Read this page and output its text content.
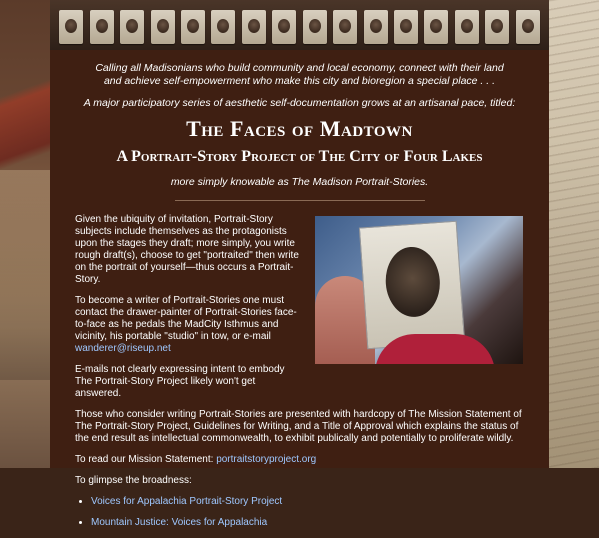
Calling all Madisonians who build community and local economy, connect with their land and achieve self-empowerment who make this city and bioregion a special place . . .
A major participatory series of aesthetic self-documentation grows at an artisanal pace, titled:
The Faces of Madtown
A Portrait-Story Project of The City of Four Lakes
more simply knowable as The Madison Portrait-Stories.

Given the ubiquity of invitation, Portrait-Story subjects include themselves as the protagonists upon the stages they draft; more simply, you write rough draft(s), choose to get "portraited" then write on the portrait of yourself—thus occurs a Portrait-Story.

To become a writer of Portrait-Stories one must contact the drawer-painter of Portrait-Stories face-to-face as he pedals the MadCity Isthmus and vicinity, his portable "studio" in tow, or e-mail
wanderer@riseup.net

E-mails not clearly expressing intent to embody The Portrait-Story Project likely won't get answered.

Those who consider writing Portrait-Stories are presented with hardcopy of The Mission Statement of The Portrait-Story Project, Guidelines for Writing, and a Title of Approval which explains the status of the end result as intellectual commonwealth, to exhibit publically and potentially to proliferate wildly.

To read our Mission Statement: portraitstoryproject.org

To glimpse the broadness:

• Voices for Appalachia Portrait-Story Project
• Mountain Justice: Voices for Appalachia
